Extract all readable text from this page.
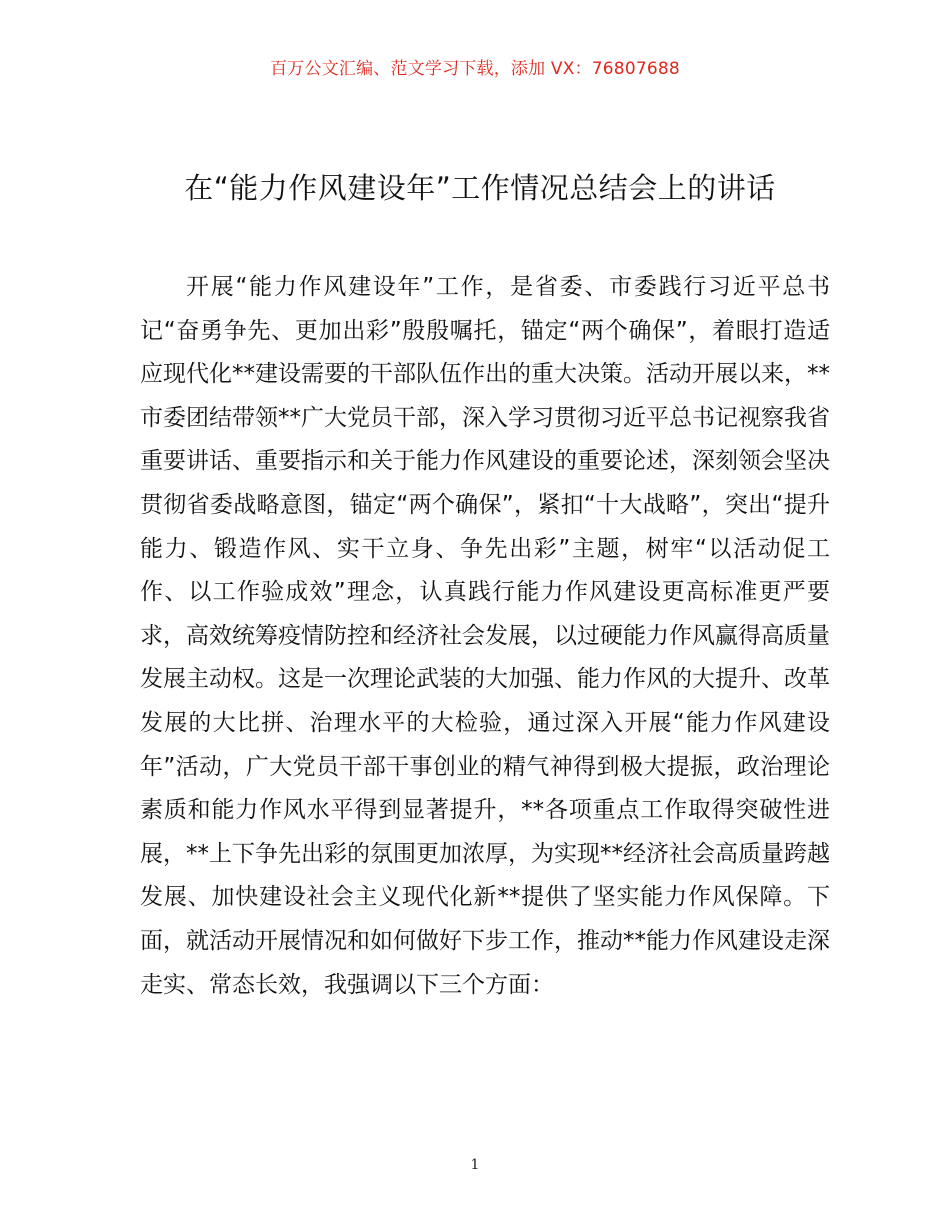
百万公文汇编、范文学习下载，添加 VX：76807688
在“能力作风建设年”工作情况总结会上的讲话

开展“能力作风建设年”工作，是省委、市委践行习近平总书记“奋勇争先、更加出彩”殷殷嘱托，锚定“两个确保”，着眼打造适应现代化**建设需要的干部队伍作出的重大决策。活动开展以来，**市委团结带领**广大党员干部，深入学习贯彻习近平总书记视察我省重要讲话、重要指示和关于能力作风建设的重要论述，深刻领会坚决贯彻省委战略意图，锚定“两个确保”，紧扣“十大战略”，突出“提升能力、锻造作风、实干立身、争先出彩”主题，树牢“以活动促工作、以工作验成效”理念，认真践行能力作风建设更高标准更严要求，高效统筹疫情防控和经济社会发展，以过硬能力作风赢得高质量发展主动权。这是一次理论武装的大加强、能力作风的大提升、改革发展的大比拼、治理水平的大检验，通过深入开展“能力作风建设年”活动，广大党员干部干事创业的精气神得到极大提振，政治理论素质和能力作风水平得到显著提升，**各项重点工作取得突破性进展，**上下争先出彩的氛围更加浓厚，为实现**经济社会高质量跨越发展、加快建设社会主义现代化新**提供了坚实能力作风保障。下面，就活动开展情况和如何做好下步工作，推动**能力作风建设走深走实、常态长效，我强调以下三个方面：

1
